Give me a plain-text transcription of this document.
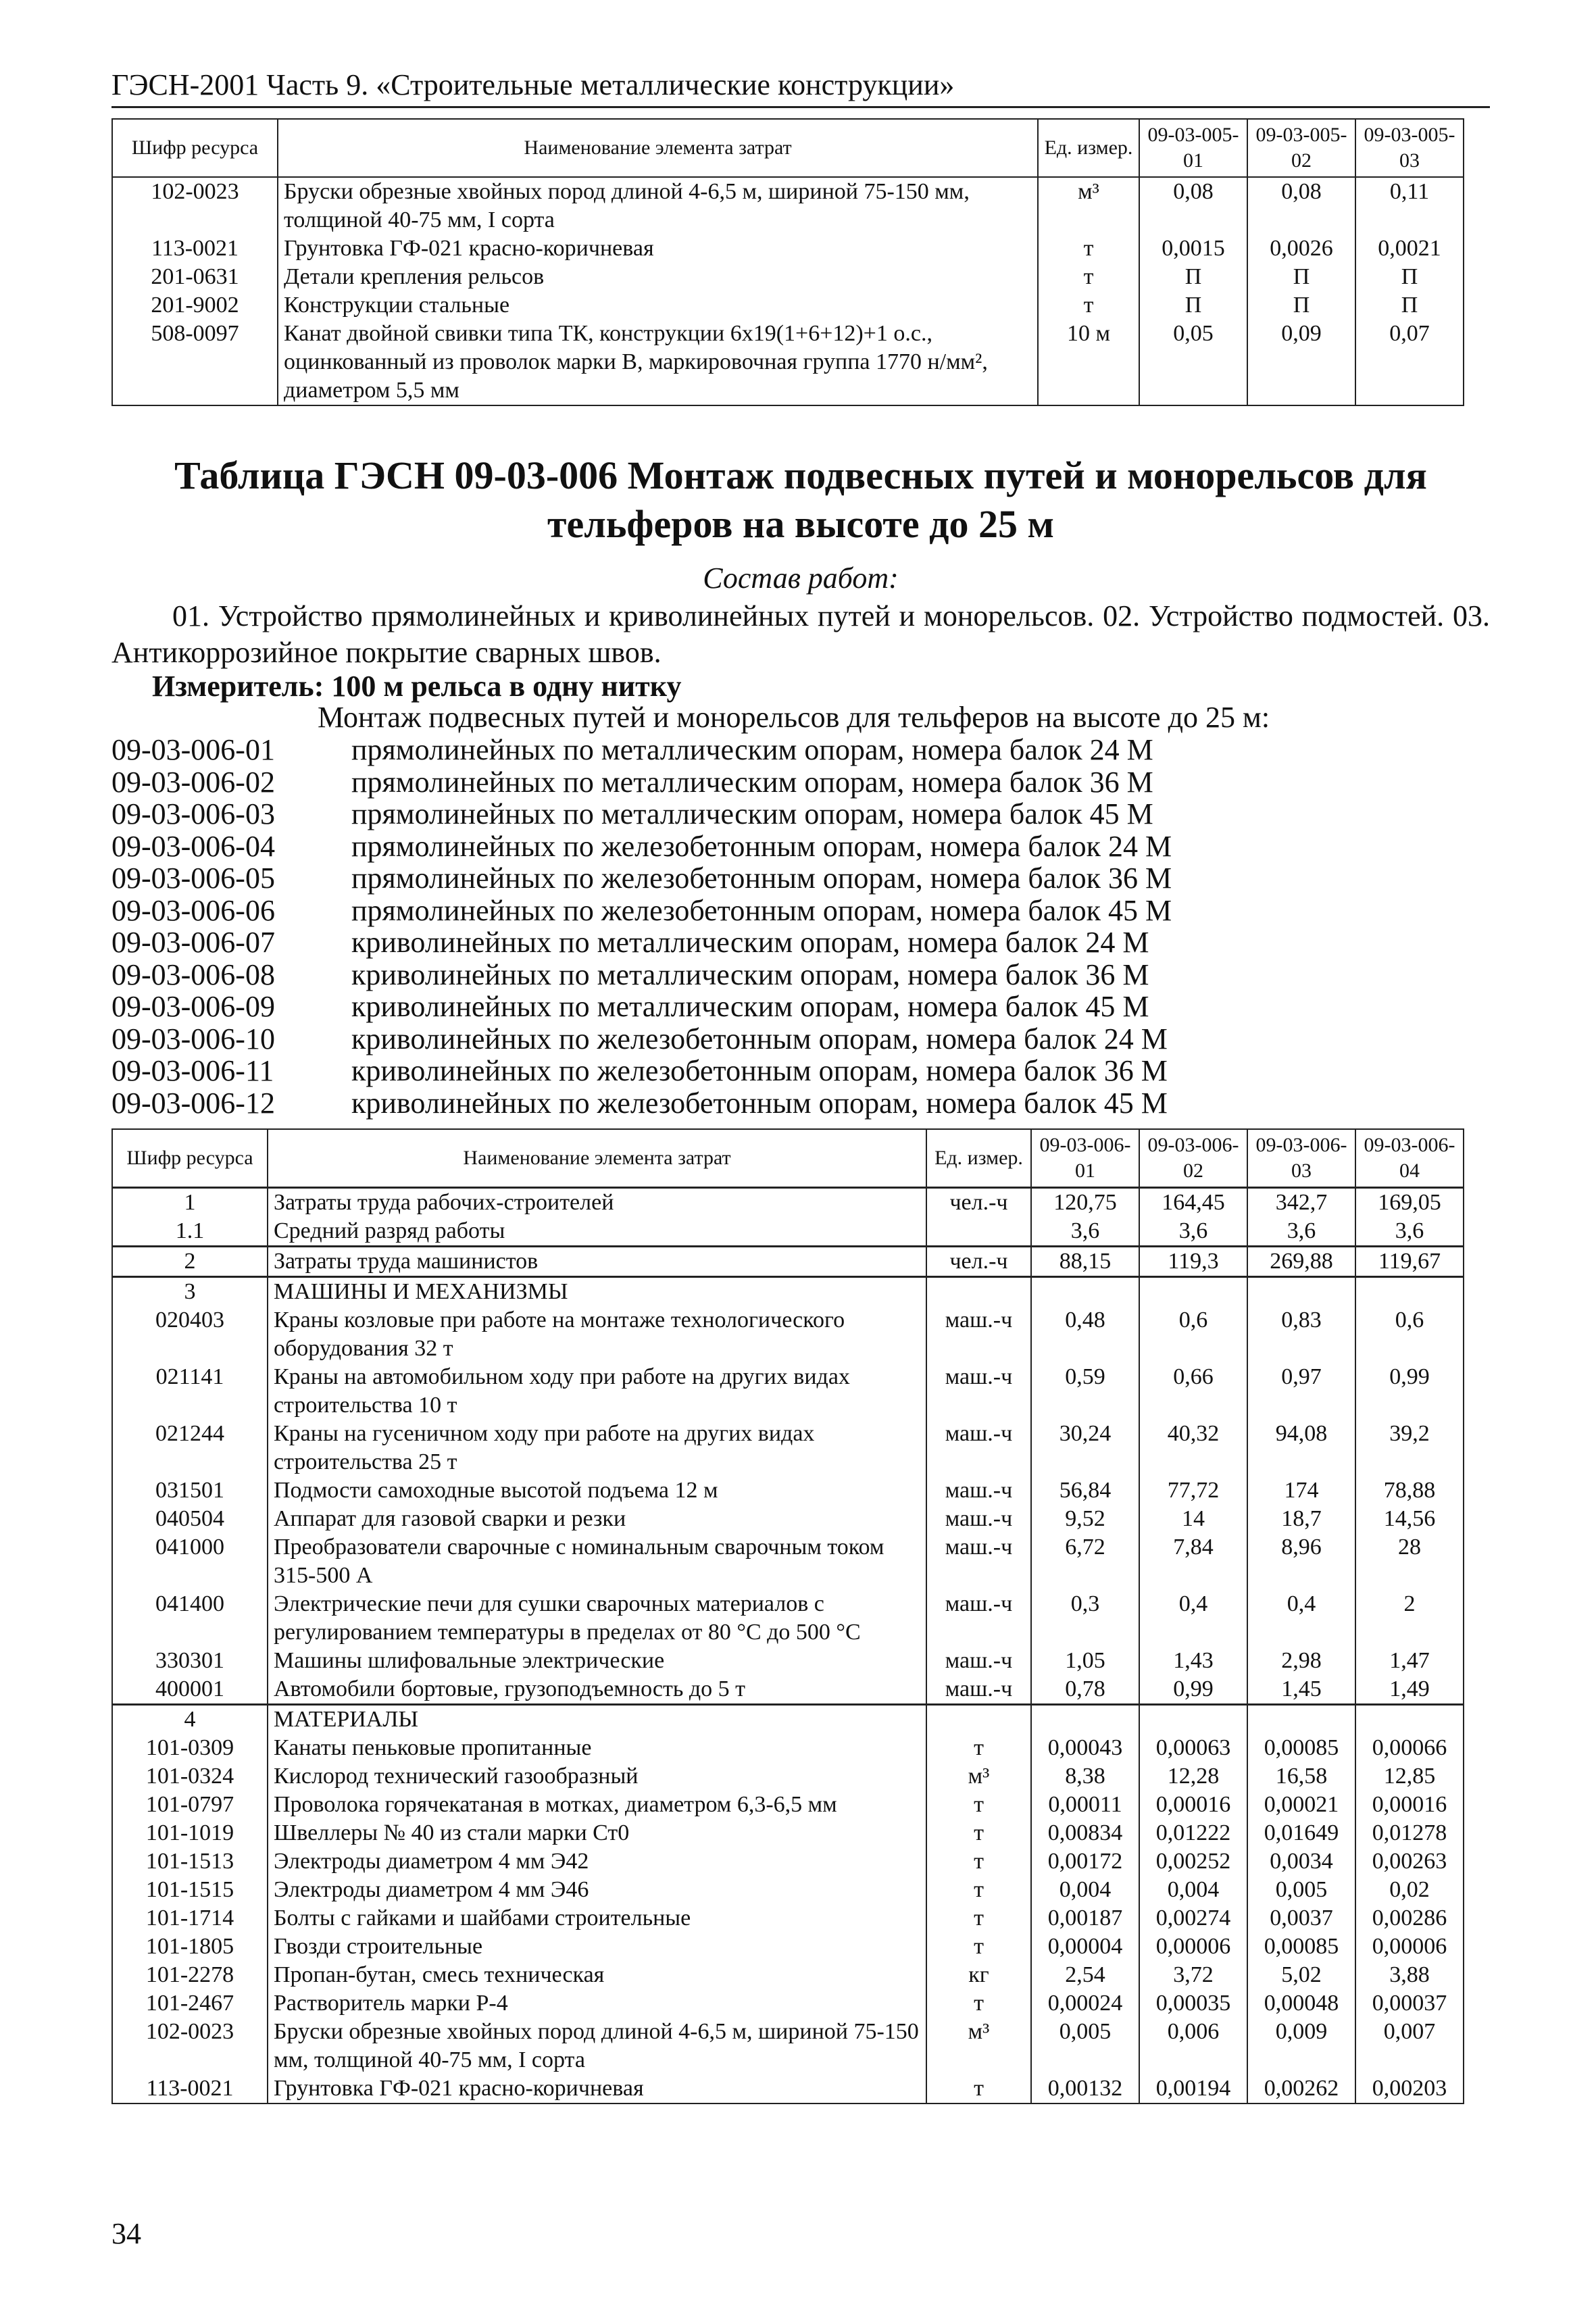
ГЭСН-2001 Часть 9. «Строительные металлические конструкции»
Шифр ресурса	Наименование элемента затрат	Ед. измер.	09-03-005-01	09-03-005-02	09-03-005-03
102-0023	Бруски обрезные хвойных пород длиной 4-6,5 м, шириной 75-150 мм, толщиной 40-75 мм, I сорта	м³	0,08	0,08	0,11
113-0021	Грунтовка ГФ-021 красно-коричневая	т	0,0015	0,0026	0,0021
201-0631	Детали крепления рельсов	т	П	П	П
201-9002	Конструкции стальные	т	П	П	П
508-0097	Канат двойной свивки типа ТК, конструкции 6х19(1+6+12)+1 о.с., оцинкованный из проволок марки В, маркировочная группа 1770 н/мм², диаметром 5,5 мм	10 м	0,05	0,09	0,07
Таблица ГЭСН 09-03-006 Монтаж подвесных путей и монорельсов для тельферов на высоте до 25 м
Состав работ:
01. Устройство прямолинейных и криволинейных путей и монорельсов. 02. Устройство подмостей. 03. Антикоррозийное покрытие сварных швов.
Измеритель: 100 м рельса в одну нитку
Монтаж подвесных путей и монорельсов для тельферов на высоте до 25 м:
09-03-006-01	прямолинейных по металлическим опорам, номера балок 24 М
09-03-006-02	прямолинейных по металлическим опорам, номера балок 36 М
09-03-006-03	прямолинейных по металлическим опорам, номера балок 45 М
09-03-006-04	прямолинейных по железобетонным опорам, номера балок 24 М
09-03-006-05	прямолинейных по железобетонным опорам, номера балок 36 М
09-03-006-06	прямолинейных по железобетонным опорам, номера балок 45 М
09-03-006-07	криволинейных по металлическим опорам, номера балок 24 М
09-03-006-08	криволинейных по металлическим опорам, номера балок 36 М
09-03-006-09	криволинейных по металлическим опорам, номера балок 45 М
09-03-006-10	криволинейных по железобетонным опорам, номера балок 24 М
09-03-006-11	криволинейных по железобетонным опорам, номера балок 36 М
09-03-006-12	криволинейных по железобетонным опорам, номера балок 45 М
Шифр ресурса	Наименование элемента затрат	Ед. измер.	09-03-006-01	09-03-006-02	09-03-006-03	09-03-006-04
1	Затраты труда рабочих-строителей	чел.-ч	120,75	164,45	342,7	169,05
1.1	Средний разряд работы		3,6	3,6	3,6	3,6
2	Затраты труда машинистов	чел.-ч	88,15	119,3	269,88	119,67
3	МАШИНЫ И МЕХАНИЗМЫ					
020403	Краны козловые при работе на монтаже технологического оборудования 32 т	маш.-ч	0,48	0,6	0,83	0,6
021141	Краны на автомобильном ходу при работе на других видах строительства 10 т	маш.-ч	0,59	0,66	0,97	0,99
021244	Краны на гусеничном ходу при работе на других видах строительства 25 т	маш.-ч	30,24	40,32	94,08	39,2
031501	Подмости самоходные высотой подъема 12 м	маш.-ч	56,84	77,72	174	78,88
040504	Аппарат для газовой сварки и резки	маш.-ч	9,52	14	18,7	14,56
041000	Преобразователи сварочные с номинальным сварочным током 315-500 А	маш.-ч	6,72	7,84	8,96	28
041400	Электрические печи для сушки сварочных материалов с регулированием температуры в пределах от 80 °С до 500 °С	маш.-ч	0,3	0,4	0,4	2
330301	Машины шлифовальные электрические	маш.-ч	1,05	1,43	2,98	1,47
400001	Автомобили бортовые, грузоподъемность до 5 т	маш.-ч	0,78	0,99	1,45	1,49
4	МАТЕРИАЛЫ					
101-0309	Канаты пеньковые пропитанные	т	0,00043	0,00063	0,00085	0,00066
101-0324	Кислород технический газообразный	м³	8,38	12,28	16,58	12,85
101-0797	Проволока горячекатаная в мотках, диаметром 6,3-6,5 мм	т	0,00011	0,00016	0,00021	0,00016
101-1019	Швеллеры № 40 из стали марки Ст0	т	0,00834	0,01222	0,01649	0,01278
101-1513	Электроды диаметром 4 мм Э42	т	0,00172	0,00252	0,0034	0,00263
101-1515	Электроды диаметром 4 мм Э46	т	0,004	0,004	0,005	0,02
101-1714	Болты с гайками и шайбами строительные	т	0,00187	0,00274	0,0037	0,00286
101-1805	Гвозди строительные	т	0,00004	0,00006	0,00085	0,00006
101-2278	Пропан-бутан, смесь техническая	кг	2,54	3,72	5,02	3,88
101-2467	Растворитель марки Р-4	т	0,00024	0,00035	0,00048	0,00037
102-0023	Бруски обрезные хвойных пород длиной 4-6,5 м, шириной 75-150 мм, толщиной 40-75 мм, I сорта	м³	0,005	0,006	0,009	0,007
113-0021	Грунтовка ГФ-021 красно-коричневая	т	0,00132	0,00194	0,00262	0,00203
34
